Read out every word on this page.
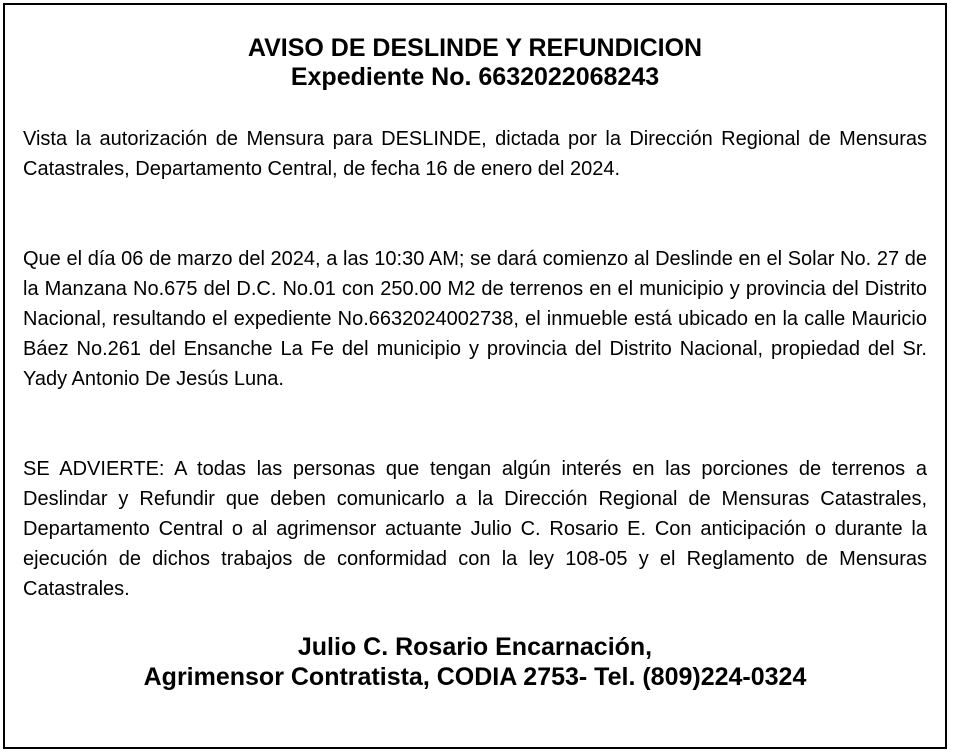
AVISO DE DESLINDE Y REFUNDICION
Expediente No. 6632022068243
Vista la autorización de Mensura para DESLINDE, dictada por la Dirección Regional de Mensuras Catastrales, Departamento Central, de fecha 16 de enero del 2024.
Que el día 06 de marzo del 2024, a las 10:30 AM; se dará comienzo al Deslinde en el Solar No. 27 de la Manzana No.675 del D.C. No.01 con 250.00 M2 de terrenos en el municipio y provincia del Distrito Nacional, resultando el expediente No.6632024002738, el inmueble está ubicado en la calle Mauricio Báez No.261 del Ensanche La Fe del municipio y provincia del Distrito Nacional, propiedad del Sr. Yady Antonio De Jesús Luna.
SE ADVIERTE: A todas las personas que tengan algún interés en las porciones de terrenos a Deslindar y Refundir que deben comunicarlo a la Dirección Regional de Mensuras Catastrales, Departamento Central o al agrimensor actuante Julio C. Rosario E. Con anticipación o durante la ejecución de dichos trabajos de conformidad con la ley 108-05 y el Reglamento de Mensuras Catastrales.
Julio C. Rosario Encarnación,
Agrimensor Contratista, CODIA 2753- Tel. (809)224-0324
